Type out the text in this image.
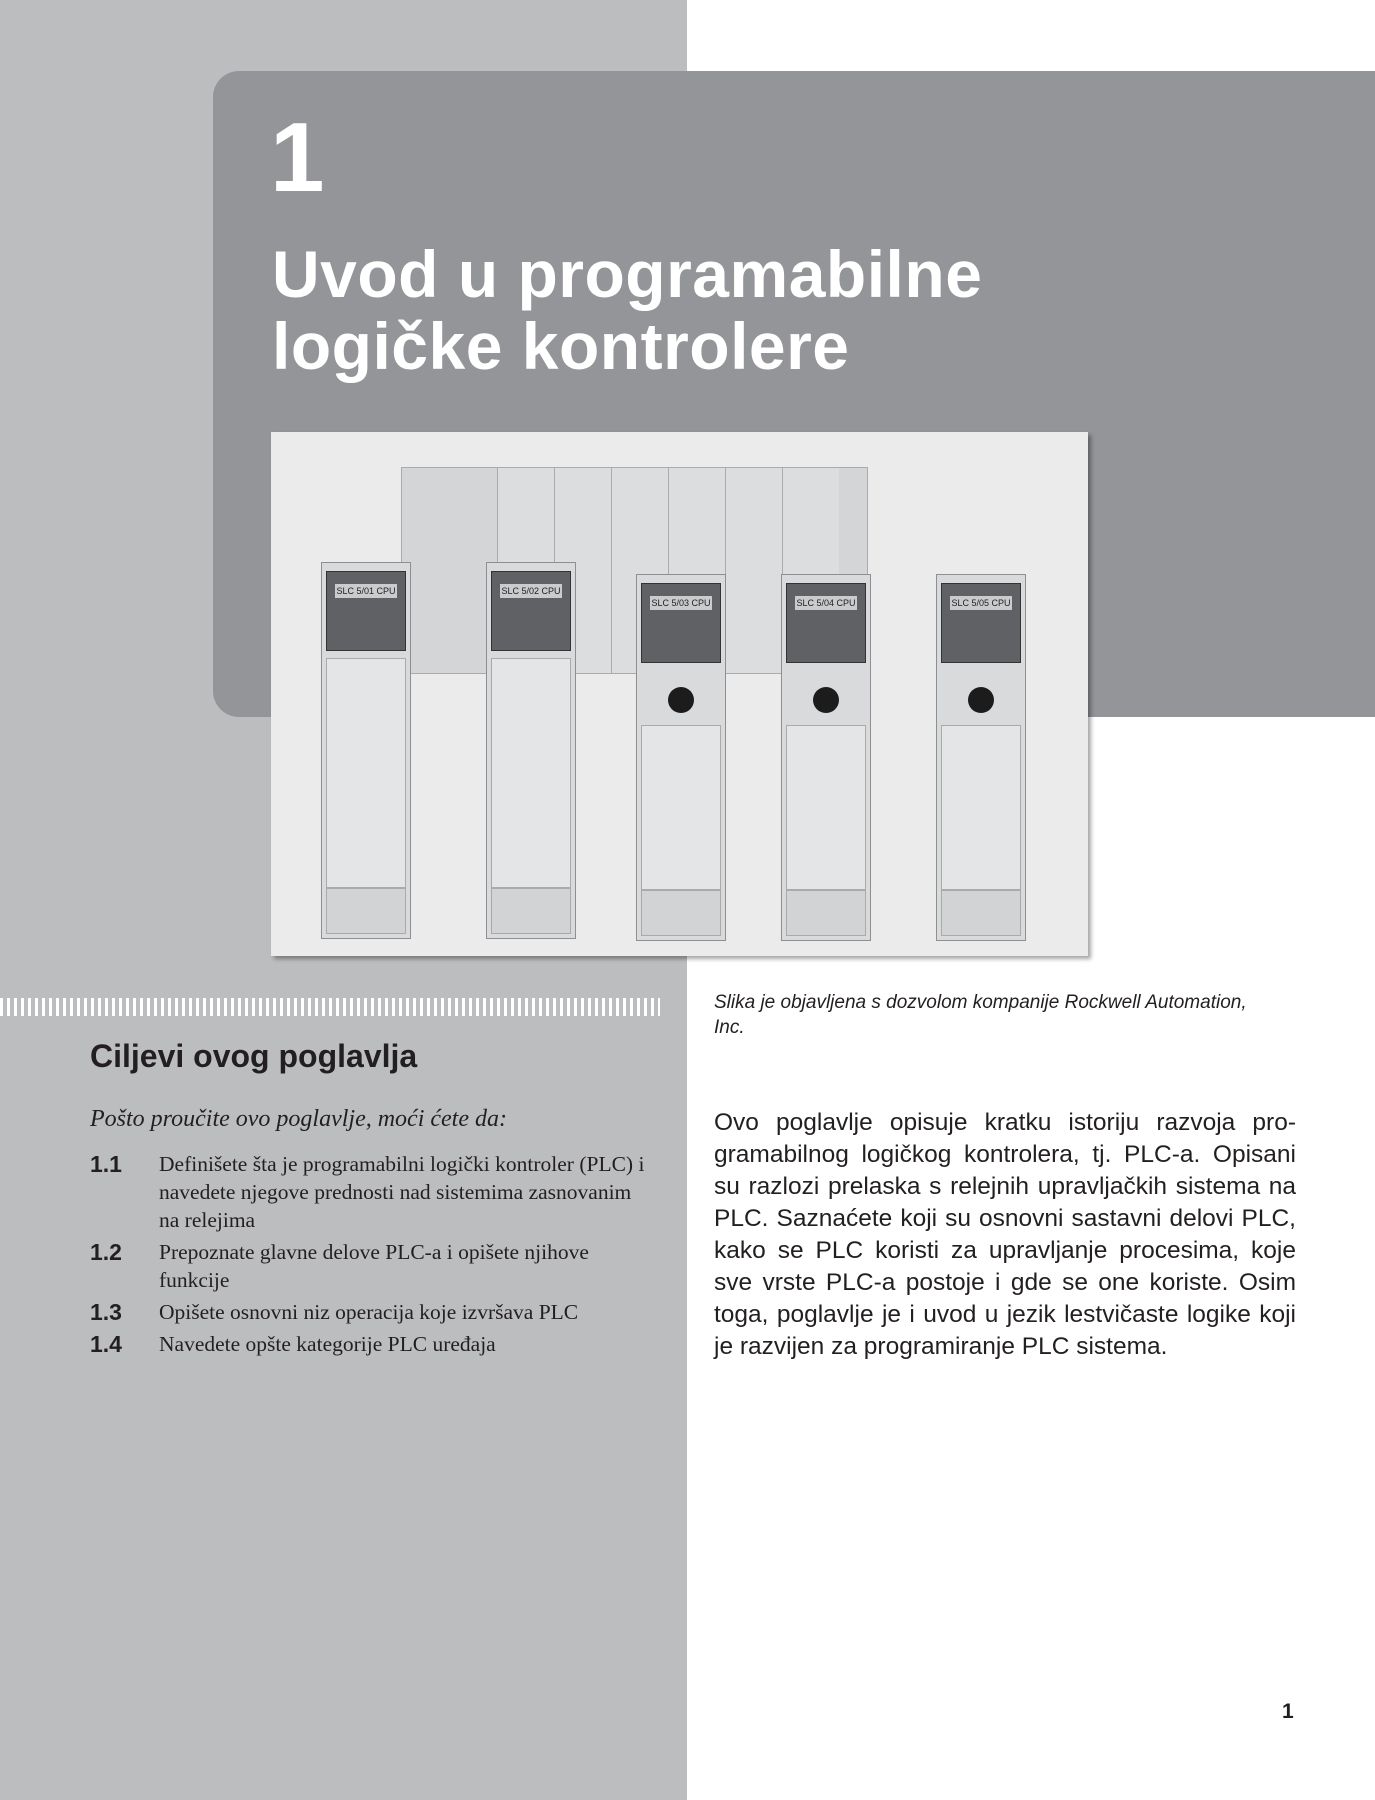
1
Uvod u programabilne
logičke kontrolere
SLC 5/01 CPU	SLC 5/02 CPU
SLC 5/03 CPU	SLC 5/04 CPU	SLC 5/05 CPU
Ciljevi ovog poglavlja
Pošto proučite ovo poglavlje, moći ćete da:
1.1	Definišete šta je programabilni logički kontroler (PLC) i navedete njegove prednosti nad sistemima zasnovanim na relejima
1.2	Prepoznate glavne delove PLC-a i opišete njihove funkcije
1.3	Opišete osnovni niz operacija koje izvršava PLC
1.4	Navedete opšte kategorije PLC uređaja
Slika je objavljena s dozvolom kompanije Rockwell Automation, Inc.
Ovo poglavlje opisuje kratku istoriju razvoja programabilnog logičkog kontrolera, tj. PLC-a. Opisani su razlozi prelaska s relejnih upravljačkih sistema na PLC. Saznaćete koji su osnovni sastavni delovi PLC, kako se PLC koristi za upravljanje procesima, koje sve vrste PLC-a postoje i gde se one koriste. Osim toga, poglavlje je i uvod u jezik lestvičaste logike koji je razvijen za programiranje PLC sistema.
1
